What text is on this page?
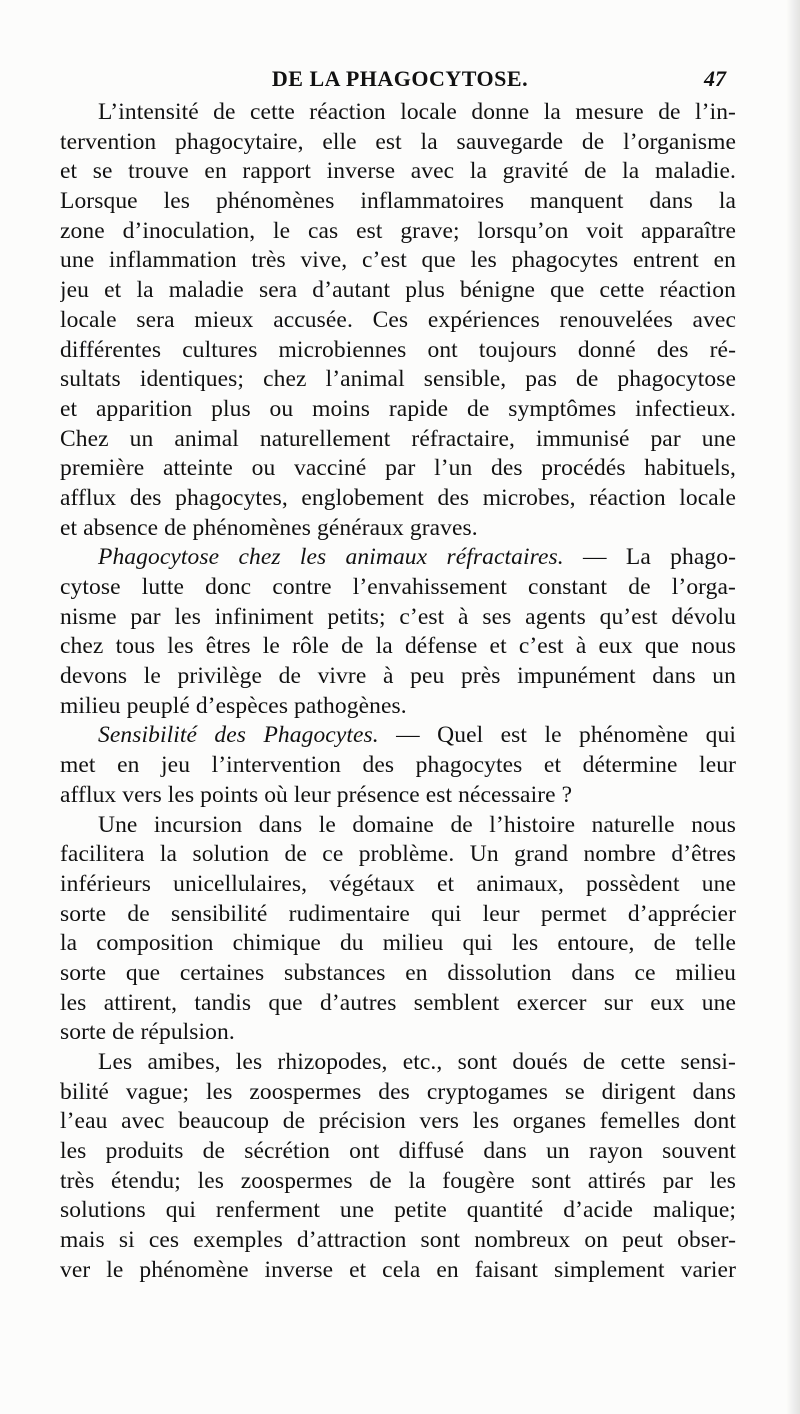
DE LA PHAGOCYTOSE.	47
L’intensité de cette réaction locale donne la mesure de l’in-
tervention phagocytaire, elle est la sauvegarde de l’organisme
et se trouve en rapport inverse avec la gravité de la maladie.
Lorsque les phénomènes inflammatoires manquent dans la
zone d’inoculation, le cas est grave; lorsqu’on voit apparaître
une inflammation très vive, c’est que les phagocytes entrent en
jeu et la maladie sera d’autant plus bénigne que cette réaction
locale sera mieux accusée. Ces expériences renouvelées avec
différentes cultures microbiennes ont toujours donné des ré-
sultats identiques; chez l’animal sensible, pas de phagocytose
et apparition plus ou moins rapide de symptômes infectieux.
Chez un animal naturellement réfractaire, immunisé par une
première atteinte ou vacciné par l’un des procédés habituels,
afflux des phagocytes, englobement des microbes, réaction locale
et absence de phénomènes généraux graves.
Phagocytose chez les animaux réfractaires. — La phago-
cytose lutte donc contre l’envahissement constant de l’orga-
nisme par les infiniment petits; c’est à ses agents qu’est dévolu
chez tous les êtres le rôle de la défense et c’est à eux que nous
devons le privilège de vivre à peu près impunément dans un
milieu peuplé d’espèces pathogènes.
Sensibilité des Phagocytes. — Quel est le phénomène qui
met en jeu l’intervention des phagocytes et détermine leur
afflux vers les points où leur présence est nécessaire ?
Une incursion dans le domaine de l’histoire naturelle nous
facilitera la solution de ce problème. Un grand nombre d’êtres
inférieurs unicellulaires, végétaux et animaux, possèdent une
sorte de sensibilité rudimentaire qui leur permet d’apprécier
la composition chimique du milieu qui les entoure, de telle
sorte que certaines substances en dissolution dans ce milieu
les attirent, tandis que d’autres semblent exercer sur eux une
sorte de répulsion.
Les amibes, les rhizopodes, etc., sont doués de cette sensi-
bilité vague; les zoospermes des cryptogames se dirigent dans
l’eau avec beaucoup de précision vers les organes femelles dont
les produits de sécrétion ont diffusé dans un rayon souvent
très étendu; les zoospermes de la fougère sont attirés par les
solutions qui renferment une petite quantité d’acide malique;
mais si ces exemples d’attraction sont nombreux on peut obser-
ver le phénomène inverse et cela en faisant simplement varier
